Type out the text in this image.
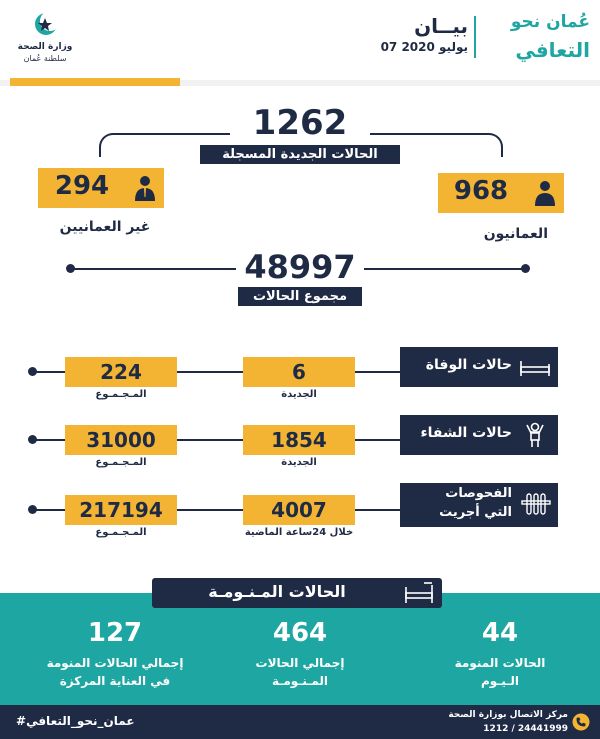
وزارة الصحة
سلطنة عُمان
بيــان
07 يوليو 2020
عُمان نحو
التعافي
1262
الحالات الجديدة المسجلة
968
العمانيون
294
غير العمانيين
48997
مجموع الحالات
حالات الوفاة
6
الجديدة
224
المـجـمـوع
حالات الشفاء
1854
الجديدة
31000
المـجـمـوع
الفحوصات
التي أجريت
4007
خلال 24ساعة الماضية
217194
المـجـمـوع
الحالات المـنـومـة
127
إجمالي الحالات المنومة
في العناية المركزة
464
إجمالي الحالات
المـنـومـة
44
الحالات المنومة
الـيـوم
#عمان_نحو_التعافي	مركز الاتصال بوزارة الصحة
1212 / 24441999
